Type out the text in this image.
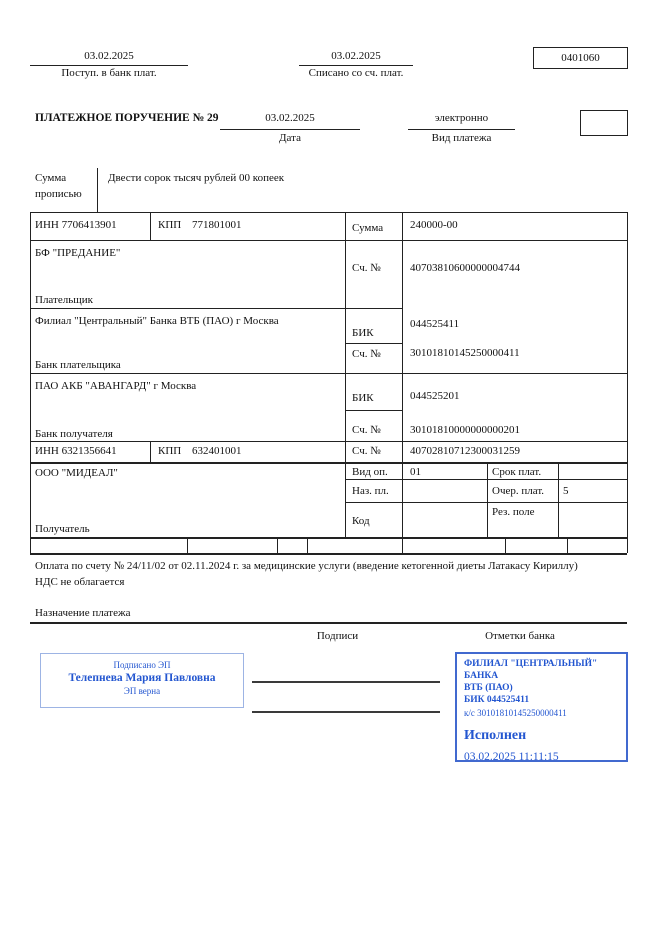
03.02.2025
Поступ. в банк плат.
03.02.2025
Списано со сч. плат.
0401060
ПЛАТЕЖНОЕ ПОРУЧЕНИЕ № 29	03.02.2025
Дата
электронно
Вид платежа
Сумма прописью
Двести сорок тысяч рублей 00 копеек
ИНН 7706413901	КПП 771801001	Сумма 240000-00
БФ "ПРЕДАНИЕ"
Сч. №	40703810600000004744
Плательщик
Филиал "Центральный" Банка ВТБ (ПАО) г Москва
БИК
044525411
Сч. №	30101810145250000411
Банк плательщика
ПАО АКБ "АВАНГАРД" г Москва
БИК	044525201
Сч. №	30101810000000000201
Банк получателя
ИНН 6321356641	КПП 632401001	Сч. №	40702810712300031259
ООО "МИДЕАЛ"	Вид оп. 01	Срок плат.
Наз. пл.	Очер. плат. 5
Код
Рез. поле
Получатель
Оплата по счету № 24/11/02 от 02.11.2024 г. за медицинские услуги (введение кетогенной диеты Латакасу Кириллу)
НДС не облагается
Назначение платежа
Подписи	Отметки банка
Подписано ЭП
Телепнева Мария Павловна
ЭП верна
ФИЛИАЛ "ЦЕНТРАЛЬНЫЙ" БАНКА
ВТБ (ПАО)
БИК 044525411
к/с 30101810145250000411
Исполнен
03.02.2025 11:11:15
